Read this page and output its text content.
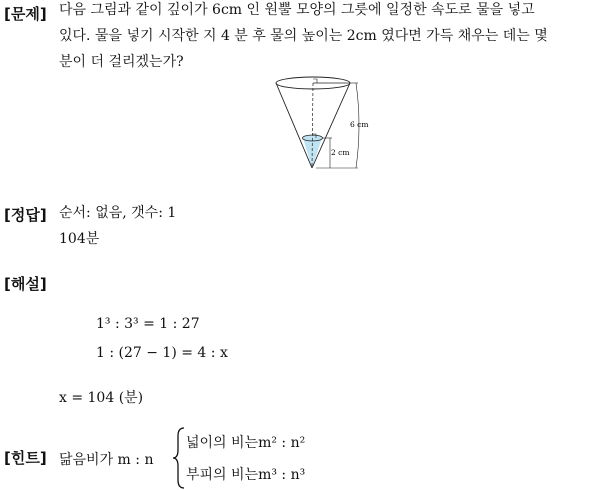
[문제] 다음 그림과 같이 깊이가 6cm 인 원뿔 모양의 그릇에 일정한 속도로 물을 넣고
있다. 물을 넣기 시작한 지 4 분 후 물의 높이는 2cm 였다면 가득 채우는 데는 몇
분이 더 걸리겠는가?
6 cm
2 cm
[정답] 순서: 없음, 갯수: 1
104분
[해설]
1³ : 3³ = 1 : 27
1 : (27 − 1) = 4 : x
x = 104 (분)
[힌트] 닮음비가 m : n
넓이의 비는m² : n²
부피의 비는m³ : n³
